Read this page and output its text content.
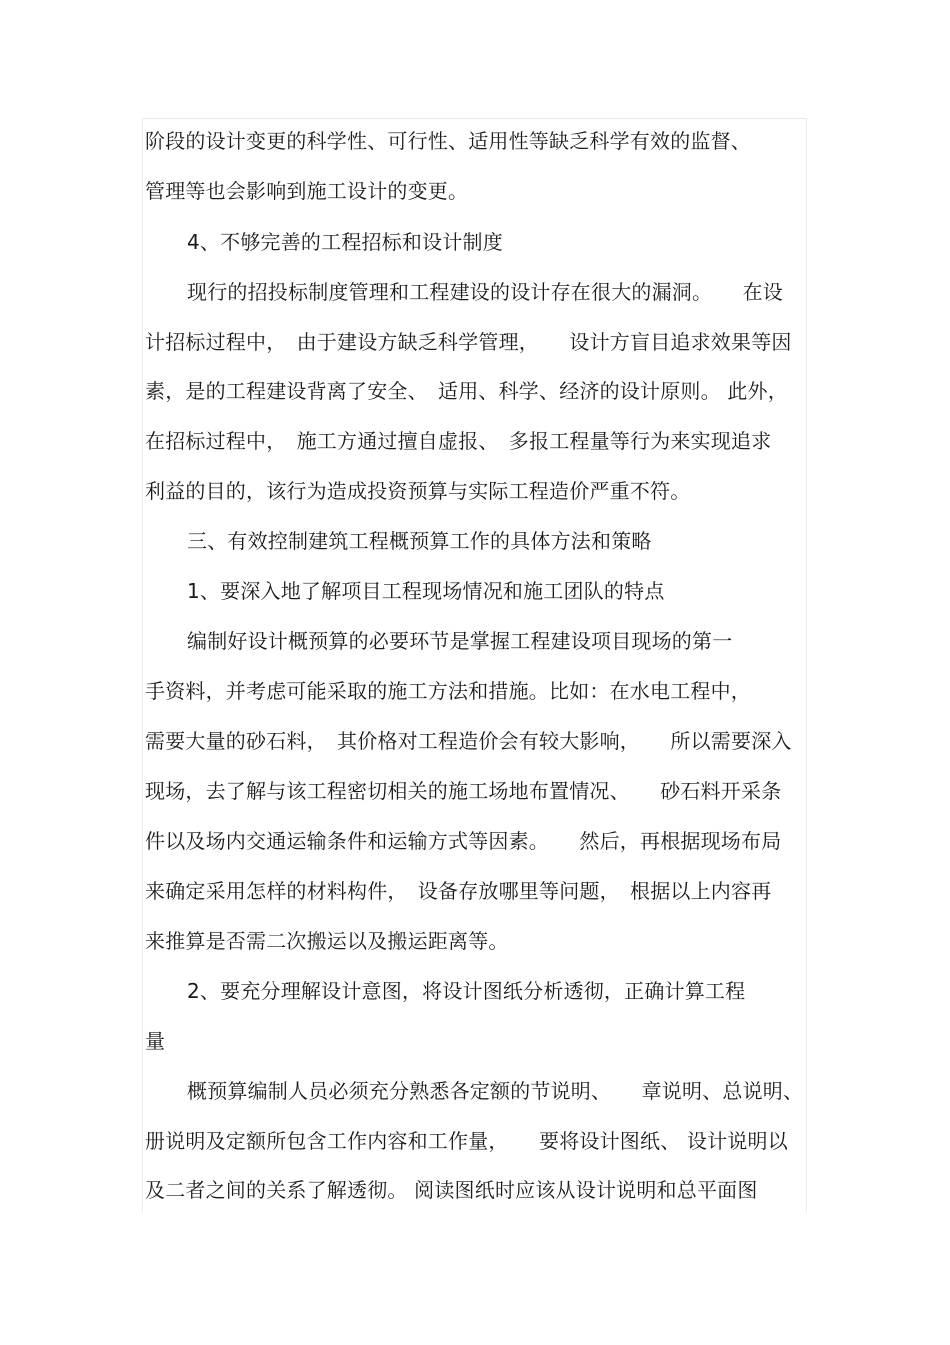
阶段的设计变更的科学性、可行性、适用性等缺乏科学有效的监督、
管理等也会影响到施工设计的变更。
4、不够完善的工程招标和设计制度
现行的招投标制度管理和工程建设的设计存在很大的漏洞。　　在设
计招标过程中，　由于建设方缺乏科学管理，　　设计方盲目追求效果等因
素，是的工程建设背离了安全、　适用、科学、经济的设计原则。 此外，
在招标过程中，　施工方通过擅自虚报、　多报工程量等行为来实现追求
利益的目的，该行为造成投资预算与实际工程造价严重不符。
三、有效控制建筑工程概预算工作的具体方法和策略
1、要深入地了解项目工程现场情况和施工团队的特点
编制好设计概预算的必要环节是掌握工程建设项目现场的第一
手资料，并考虑可能采取的施工方法和措施。比如：在水电工程中，
需要大量的砂石料，　其价格对工程造价会有较大影响，　　所以需要深入
现场，去了解与该工程密切相关的施工场地布置情况、　　砂石料开采条
件以及场内交通运输条件和运输方式等因素。　　然后，再根据现场布局
来确定采用怎样的材料构件，　设备存放哪里等问题，　根据以上内容再
来推算是否需二次搬运以及搬运距离等。
2、要充分理解设计意图，将设计图纸分析透彻，正确计算工程
量
概预算编制人员必须充分熟悉各定额的节说明、　　章说明、总说明、
册说明及定额所包含工作内容和工作量，　　要将设计图纸、 设计说明以
及二者之间的关系了解透彻。 阅读图纸时应该从设计说明和总平面图
